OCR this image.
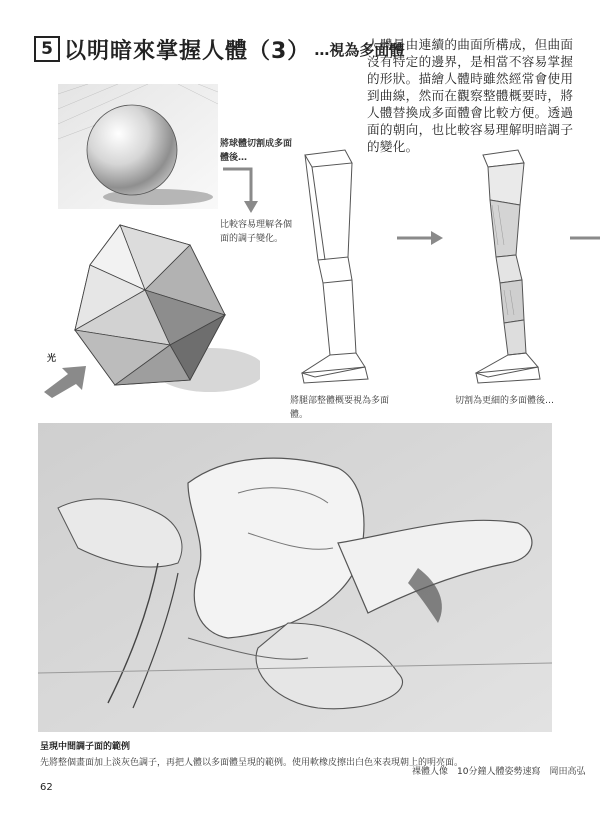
5 以明暗來掌握人體（3） …視為多面體
人體是由連續的曲面所構成，但曲面沒有特定的邊界，是相當不容易掌握的形狀。描繪人體時雖然經常會使用到曲線，然而在觀察整體概要時，將人體替換成多面體會比較方便。透過面的朝向，也比較容易理解明暗調子的變化。
將球體切割成多面體後…
比較容易理解各個面的調子變化。
光
將腿部整體概要視為多面體。
切割為更細的多面體後…
呈現中間調子面的範例
先將整個畫面加上淡灰色調子，再把人體以多面體呈現的範例。使用軟橡皮擦出白色來表現朝上的明亮面。
裸體人像　10分鐘人體姿勢速寫　岡田高弘
62
